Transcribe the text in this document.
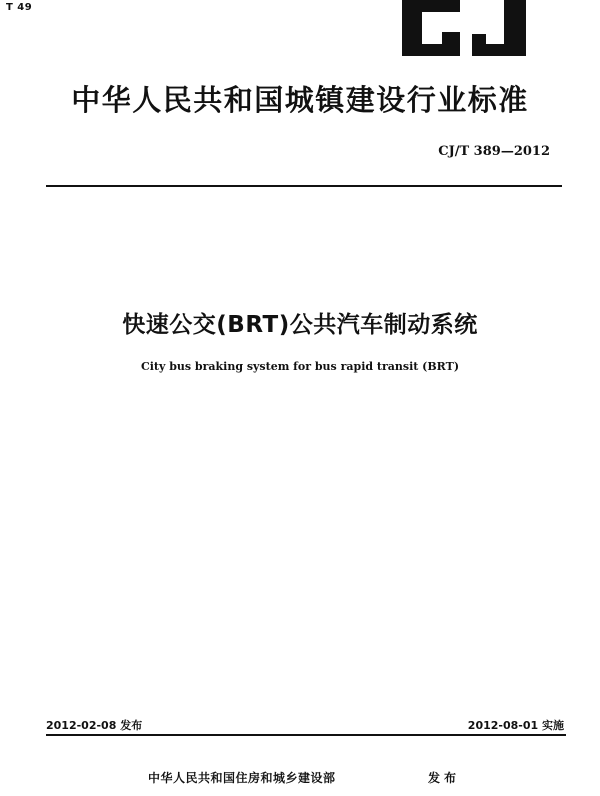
T 49
中华人民共和国城镇建设行业标准
CJ/T 389—2012
快速公交(BRT)公共汽车制动系统
City bus braking system for bus rapid transit (BRT)
2012-02-08 发布	2012-08-01 实施
中华人民共和国住房和城乡建设部	发布
